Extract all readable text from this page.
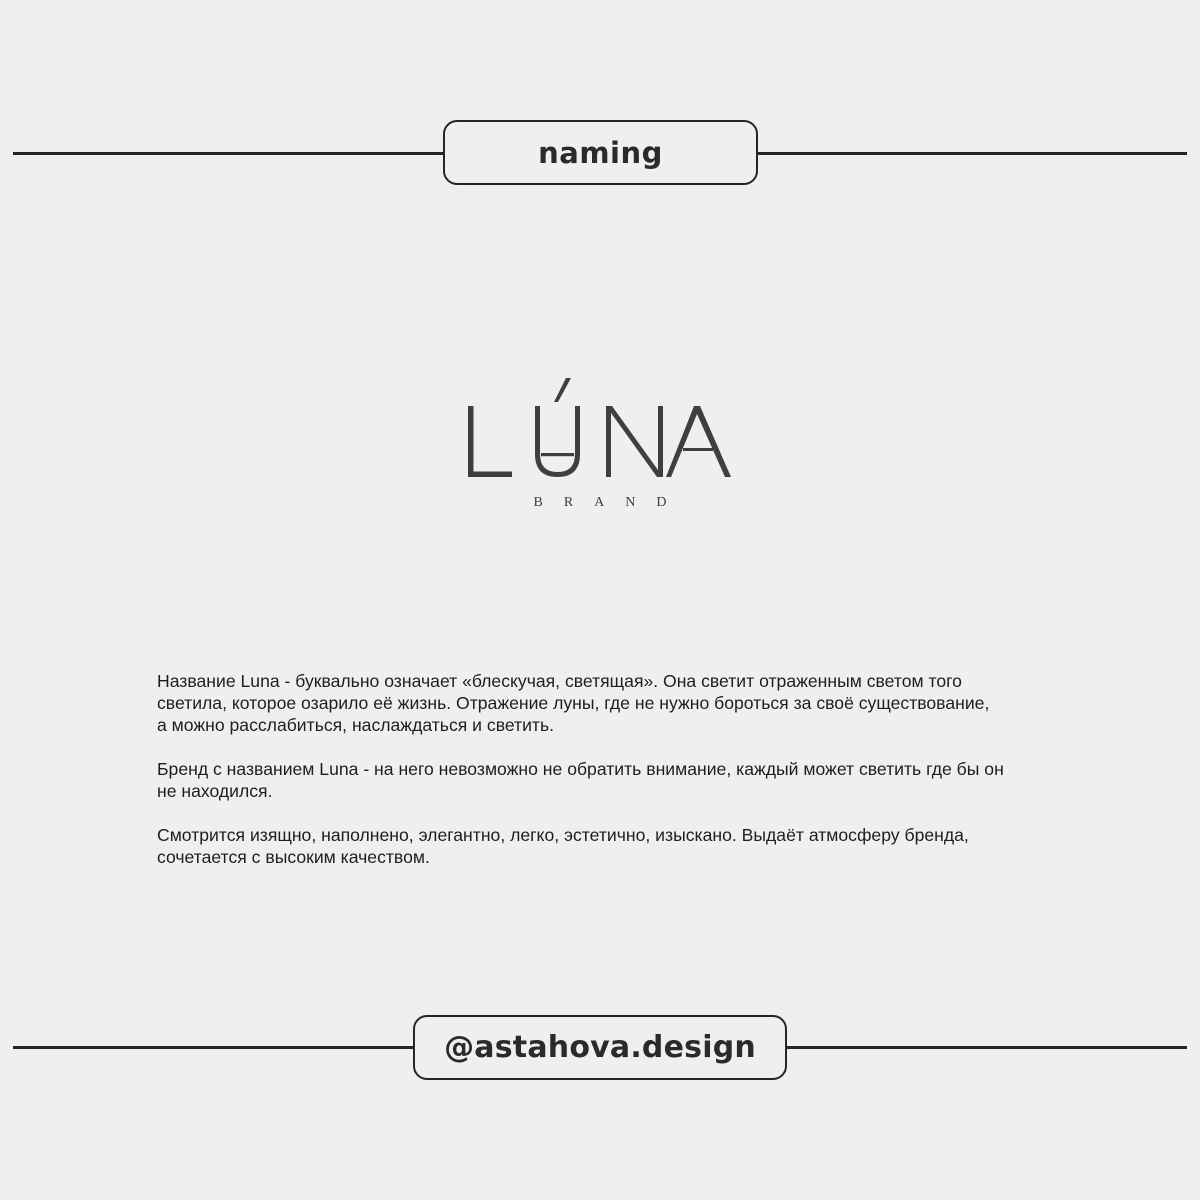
naming
BRAND

Название Luna - буквально означает «блескучая, светящая». Она светит отраженным светом того
светила, которое озарило её жизнь. Отражение луны, где не нужно бороться за своё существование,
а можно расслабиться, наслаждаться и светить.

Бренд с названием Luna - на него невозможно не обратить внимание, каждый может светить где бы он
не находился.

Смотрится изящно, наполнено, элегантно, легко, эстетично, изыскано. Выдаёт атмосферу бренда,
сочетается с высоким качеством.

@astahova.design
